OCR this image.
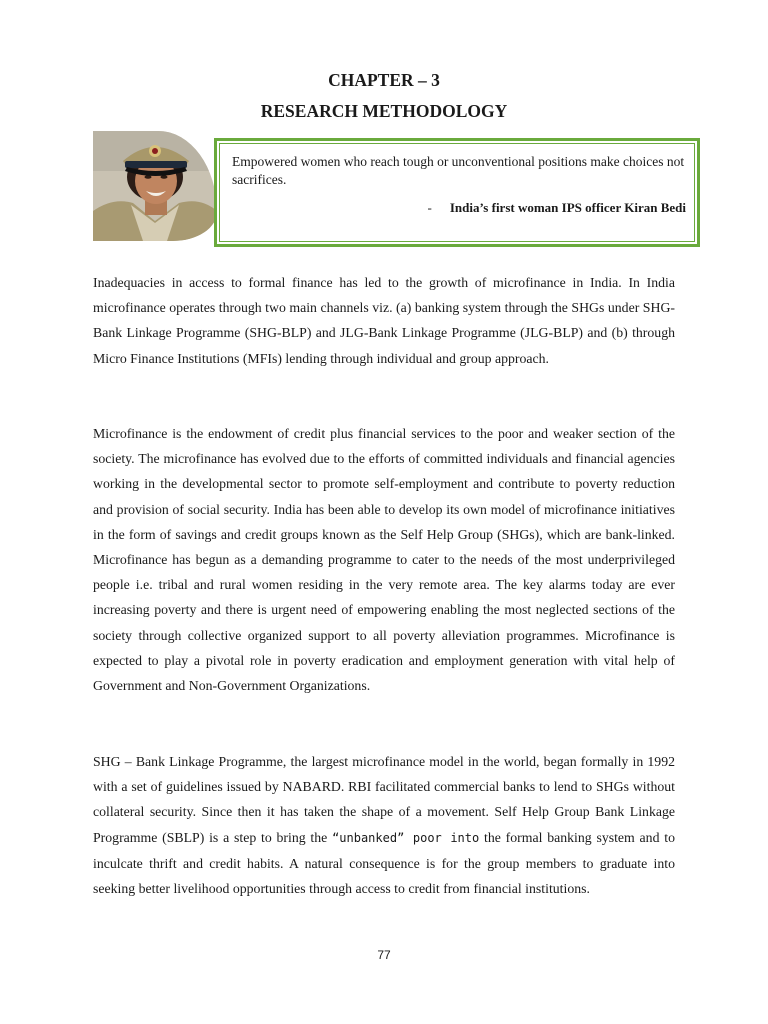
CHAPTER – 3
RESEARCH METHODOLOGY
Empowered women who reach tough or unconventional positions make choices not sacrifices.
- India’s first woman IPS officer Kiran Bedi
Inadequacies in access to formal finance has led to the growth of microfinance in India. In India microfinance operates through two main channels viz. (a) banking system through the SHGs under SHG-Bank Linkage Programme (SHG-BLP) and JLG-Bank Linkage Programme (JLG-BLP) and (b) through Micro Finance Institutions (MFIs) lending through individual and group approach.
Microfinance is the endowment of credit plus financial services to the poor and weaker section of the society. The microfinance has evolved due to the efforts of committed individuals and financial agencies working in the developmental sector to promote self-employment and contribute to poverty reduction and provision of social security. India has been able to develop its own model of microfinance initiatives in the form of savings and credit groups known as the Self Help Group (SHGs), which are bank-linked. Microfinance has begun as a demanding programme to cater to the needs of the most underprivileged people i.e. tribal and rural women residing in the very remote area. The key alarms today are ever increasing poverty and there is urgent need of empowering enabling the most neglected sections of the society through collective organized support to all poverty alleviation programmes. Microfinance is expected to play a pivotal role in poverty eradication and employment generation with vital help of Government and Non-Government Organizations.
SHG – Bank Linkage Programme, the largest microfinance model in the world, began formally in 1992 with a set of guidelines issued by NABARD. RBI facilitated commercial banks to lend to SHGs without collateral security. Since then it has taken the shape of a movement. Self Help Group Bank Linkage Programme (SBLP) is a step to bring the “unbanked” poor into the formal banking system and to inculcate thrift and credit habits. A natural consequence is for the group members to graduate into seeking better livelihood opportunities through access to credit from financial institutions.
77
